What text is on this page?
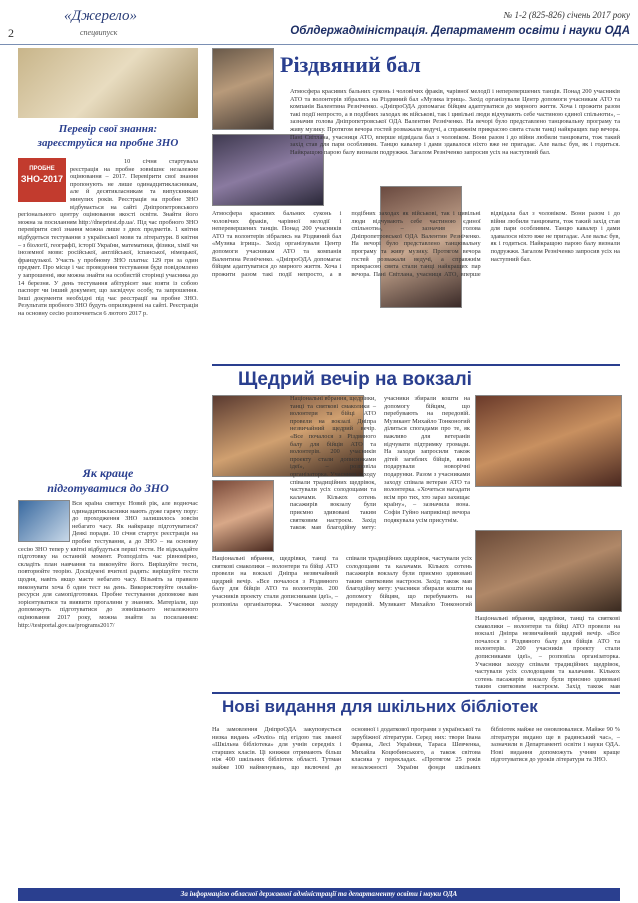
2
«Джерело»
спецвипуск
№ 1-2 (825-826) січень 2017 року
Облдержадміністрація. Департамент освіти і науки ОДА
Перевір свої знання:
зареєструйся на пробне ЗНО
ПРОБНЕ
ЗНО-2017
10 січня стартувала реєстрація на пробне зовнішнє незалежне оцінювання – 2017. Перевірити свої знання пропонують не лише одинадцятикласникам, але й десятикласникам та випускникам минулих років. Реєстрація на пробне ЗНО відбувається на сайті Дніпропетровського регіонального центру оцінювання якості освіти. Знайти його можна за посиланням http://dneprtest.dp.ua/. Під час пробного ЗНО перевірити свої знання можна лише з двох предметів. 1 квітня відбудеться тестування з української мови та літератури. 8 квітня – з біології, географії, історії України, математики, фізики, хімії чи іноземної мови: російської, англійської, іспанської, німецької, французької. Участь у пробному ЗНО платна: 129 грн за один предмет. Про місце і час проведення тестування буде повідомлено у запрошенні, яке можна знайти на особистій сторінці учасника до 14 березня. У день тестування абітурієнт має взяти із собою паспорт чи інший документ, що засвідчує особу, та запрошення. Інші документи необхідні під час реєстрації на пробне ЗНО. Результати пробного ЗНО будуть оприлюднені на сайті. Реєстрація на основну сесію розпочнеться 6 лютого 2017 р.
Як краще
підготуватися до ЗНО
Вся країна святкує Новий рік, але водночас одинадцятикласники мають дуже гарячу пору: до проходження ЗНО залишилось зовсім небагато часу. Як найкраще підготуватися? Деякі поради. 10 січня стартує реєстрація на пробне тестування, а до ЗНО – на основну сесію ЗНО тепер у квітні відбудуться перші тести. Не відкладайте підготовку на останній момент. Розподіліть час рівномірно, складіть план навчання та виконуйте його. Вирішуйте тести, повторюйте теорію. Досвідчені вчителі радять: вирішуйте тести щодня, навіть якщо маєте небагато часу. Візьміть за правило виконувати хоча б один тест на день. Використовуйте онлайн-ресурси для самопідготовки. Пробне тестування допоможе вам зорієнтуватися та виявити прогалини у знаннях. Матеріали, що допоможуть підготуватися до зовнішнього незалежного оцінювання 2017 року, можна знайти за посиланням: http://testportal.gov.ua/programs2017/
Різдвяний бал
Атмосфера красивих бальних суконь і чоловічих фраків, чарівної мелодії і неперевершених танців. Понад 200 учасників АТО та волонтерів зібрались на Різдвяний бал «Музика ігрищ». Захід організували Центр допомоги учасникам АТО та компанія Валентина Резніченко. «ДніпроОДА допомагає бійцям адаптуватися до мирного життя. Хоча і прожити разом такі події непросто, а в подібних заходах як військові, так і цивільні люди відчувають себе частиною єдиної спільноти», – зазначив голова Дніпропетровської ОДА Валентин Резніченко. На вечорі було представлено танцювальну програму та живу музику. Протягом вечора гостей розважали ведучі, а справжнім прикрасою свята стали танці найкращих пар вечора. Пані Світлана, учасниця АТО, вперше відвідала бал з чоловіком. Вони разом і до війни любили танцювати, тож такий захід став для пари особливим. Танцю кавалер і дами здавалося ніхто вже не пригадає. Але вальс був, як і годиться. Найкращою парою балу визнали подружжя. Загалом Резніченко запросив усіх на наступний бал.
Атмосфера красивих бальних суконь і чоловічих фраків, чарівної мелодії і неперевершених танців. Понад 200 учасників АТО та волонтерів зібрались на Різдвяний бал «Музика ігрищ». Захід організували Центр допомоги учасникам АТО та компанія Валентина Резніченко. «ДніпроОДА допомагає бійцям адаптуватися до мирного життя. Хоча і прожити разом такі події непросто, а в подібних заходах як військові, так і цивільні люди відчувають себе частиною єдиної спільноти», – зазначив голова Дніпропетровської ОДА Валентин Резніченко. На вечорі було представлено танцювальну програму та живу музику. Протягом вечора гостей розважали ведучі, а справжнім прикрасою свята стали танці найкращих пар вечора. Пані Світлана, учасниця АТО, вперше відвідала бал з чоловіком. Вони разом і до війни любили танцювати, тож такий захід став для пари особливим. Танцю кавалер і дами здавалося ніхто вже не пригадає. Але вальс був, як і годиться. Найкращою парою балу визнали подружжя. Загалом Резніченко запросив усіх на наступний бал.
Щедрий вечір на вокзалі
Національні вбрання, щедрівки, танці та святкові смаколики – волонтери та бійці АТО провели на вокзалі Дніпра незвичайний щедрий вечір. «Все почалося з Різдвяного балу для бійців АТО та волонтерів. 200 учасників проекту стали дописниками ідеї», – розповіла організаторка. Учасники заходу співали традиційних щедрівок, частували усіх солодощами та калачами. Кількох сотень пасажирів вокзалу були приємно здивовані таким святковим настроєм. Захід також мав благодійну мету: учасники збирали кошти на допомогу бійцям, що перебувають на передовій. Музикант Михайло Тонконогий ділиться спогадами про те, як важливо для ветеранів відчувати підтримку громади. На заходи запросили також дітей загиблих бійців, яким подарували новорічні подарунки. Разом з учасниками заходу співала ветеран АТО та волонтерка. «Хочеться нагадати всім про тих, хто зараз захищає країну», – зазначила вона. Софія Гуйно наприкінці вечора подякувала усім присутнім.
Національні вбрання, щедрівки, танці та святкові смаколики – волонтери та бійці АТО провели на вокзалі Дніпра незвичайний щедрий вечір. «Все почалося з Різдвяного балу для бійців АТО та волонтерів. 200 учасників проекту стали дописниками ідеї», – розповіла організаторка. Учасники заходу співали традиційних щедрівок, частували усіх солодощами та калачами. Кількох сотень пасажирів вокзалу були приємно здивовані таким святковим настроєм. Захід також мав благодійну мету: учасники збирали кошти на допомогу бійцям, що перебувають на передовій. Музикант Михайло Тонконогий
Національні вбрання, щедрівки, танці та святкові смаколики – волонтери та бійці АТО провели на вокзалі Дніпра незвичайний щедрий вечір. «Все почалося з Різдвяного балу для бійців АТО та волонтерів. 200 учасників проекту стали дописниками ідеї», – розповіла організаторка. Учасники заходу співали традиційних щедрівок, частували усіх солодощами та калачами. Кількох сотень пасажирів вокзалу були приємно здивовані таким святковим настроєм. Захід також мав
Нові видання для шкільних бібліотек
На замовлення ДніпроОДА закуповується низка видань «Фоліо» під егідою так званої «Шкільна бібліотека» для учнів середніх і старших класів. Ці книжки отримають більш ніж 400 шкільних бібліотек області. Тутман майже 100 найменувань, що включені до основної і додаткової програми з української та зарубіжної літератури. Серед них: твори Івана Франка, Лесі Українки, Тараса Шевченка, Михайла Коцюбинського, а також світова класика у перекладах. «Протягом 25 років незалежності України фонди шкільних бібліотек майже не оновлювалися. Майже 90 % літератури видано ще в радянський час», – зазначили в Департаменті освіти і науки ОДА. Нові видання допоможуть учням краще підготуватися до уроків літератури та ЗНО.
За інформацією обласної державної адміністрації та департаменту освіти і науки ОДА
